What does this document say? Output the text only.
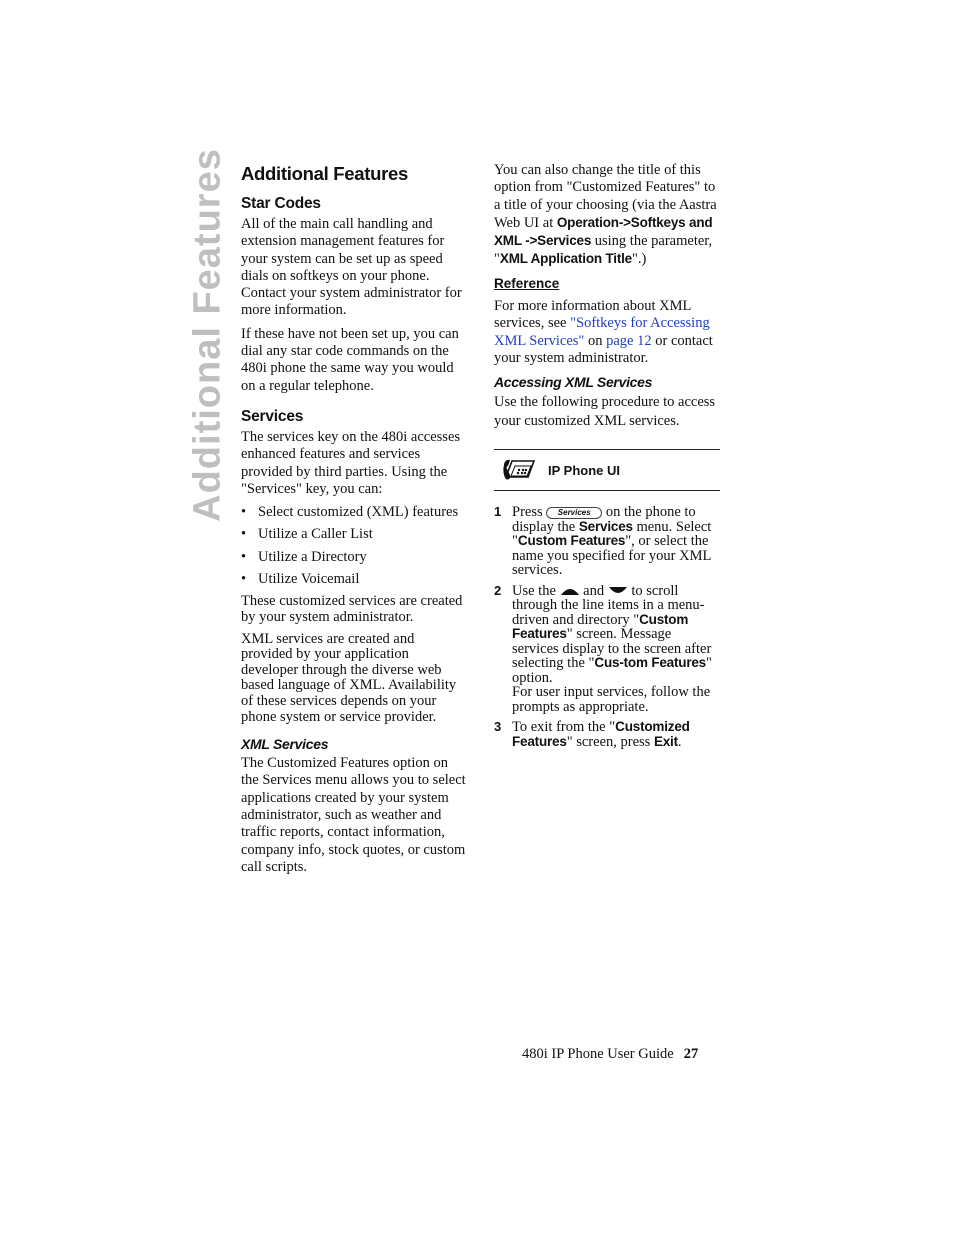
Additional Features Additional Features
Star Codes

All of the main call handling and extension management features for your system can be set up as speed dials on softkeys on your phone. Contact your system administrator for more information.

If these have not been set up, you can dial any star code commands on the 480i phone the same way you would on a regular telephone.

Services

The services key on the 480i accesses enhanced features and services provided by third parties. Using the "Services" key, you can:

• Select customized (XML) features
• Utilize a Caller List
• Utilize a Directory
• Utilize Voicemail

These customized services are created by your system administrator.

XML services are created and provided by your application developer through the diverse web based language of XML. Availability of these services depends on your phone system or service provider.

XML Services

The Customized Features option on the Services menu allows you to select applications created by your system administrator, such as weather and traffic reports, contact information, company info, stock quotes, or custom call scripts.

You can also change the title of this option from "Customized Features" to a title of your choosing (via the Aastra Web UI at Operation->Softkeys and XML ->Services using the parameter, "XML Application Title".)

Reference

For more information about XML services, see "Softkeys for Accessing XML Services" on page 12 or contact your system administrator.

Accessing XML Services

Use the following procedure to access your customized XML services.

IP Phone UI
1 Press Services on the phone to display the Services menu. Select "Custom Features", or select the name you specified for your XML services.
2 Use the  and  to scroll through the line items in a menu-driven and directory "Custom Features" screen. Message services display to the screen after selecting the "Cus-tom Features" option.
For user input services, follow the prompts as appropriate.
3 To exit from the "Customized Features" screen, press Exit.
480i IP Phone User Guide 27
